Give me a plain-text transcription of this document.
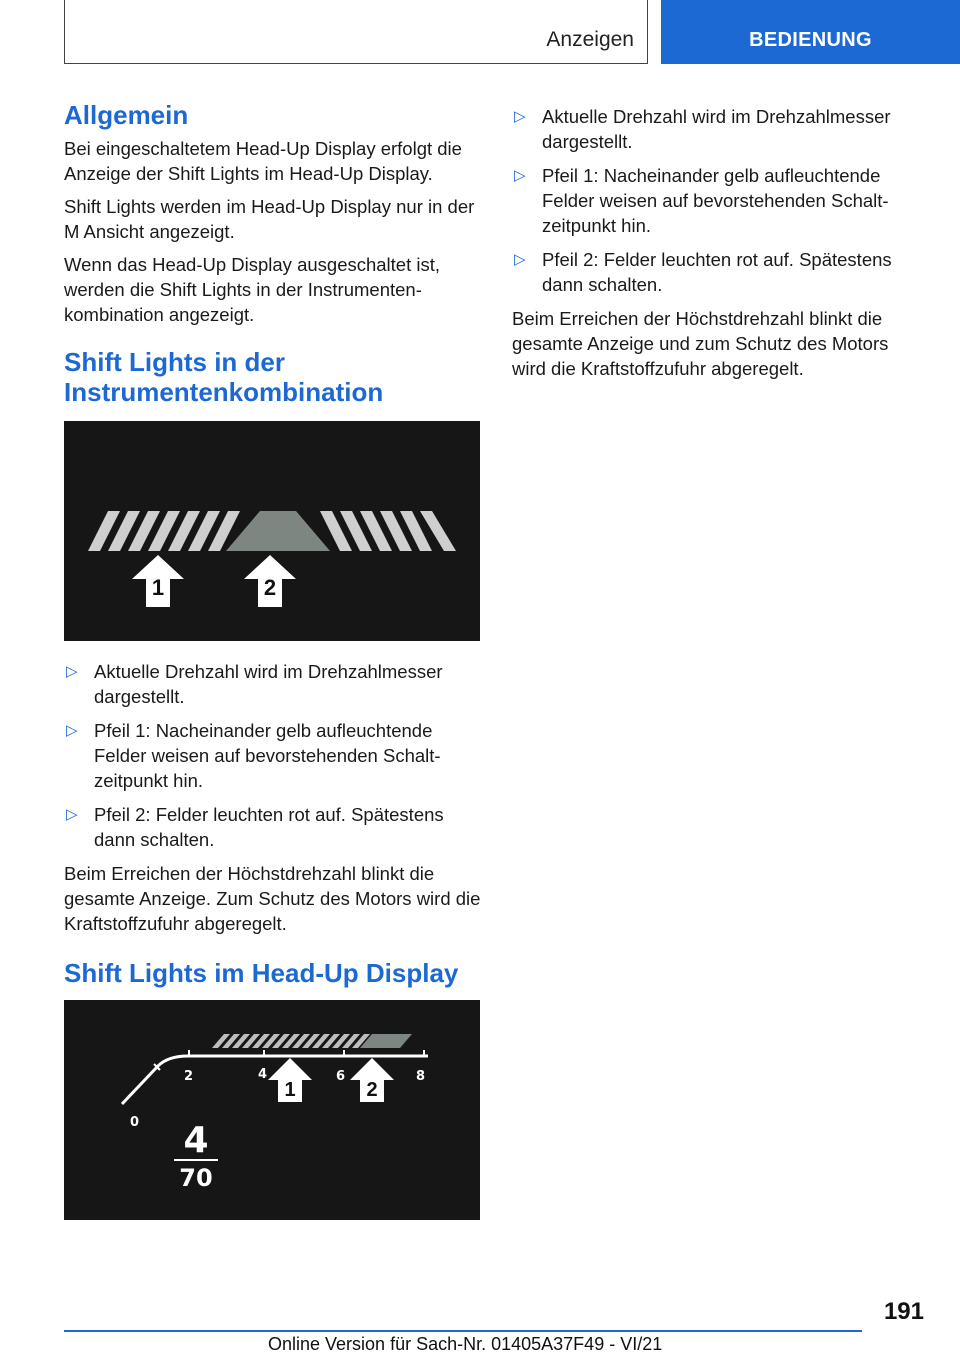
Anzeigen	BEDIENUNG
Allgemein

Bei eingeschaltetem Head-Up Display erfolgt die Anzeige der Shift Lights im Head-Up Display.

Shift Lights werden im Head-Up Display nur in der M Ansicht angezeigt.

Wenn das Head-Up Display ausgeschaltet ist, werden die Shift Lights in der Instrumenten‐kombination angezeigt.

Shift Lights in der
Instrumentenkombination
1	2
▷ Aktuelle Drehzahl wird im Drehzahlmesser dargestellt.
▷ Pfeil 1: Nacheinander gelb aufleuchtende Felder weisen auf bevorstehenden Schalt‐zeitpunkt hin.
▷ Pfeil 2: Felder leuchten rot auf. Spätestens dann schalten.

Beim Erreichen der Höchstdrehzahl blinkt die gesamte Anzeige. Zum Schutz des Motors wird die Kraftstoffzufuhr abgeregelt.

Shift Lights im Head-Up Display
0
2	4	6	8
1	2
4
70
▷ Aktuelle Drehzahl wird im Drehzahlmesser dargestellt.
▷ Pfeil 1: Nacheinander gelb aufleuchtende Felder weisen auf bevorstehenden Schalt‐zeitpunkt hin.
▷ Pfeil 2: Felder leuchten rot auf. Spätestens dann schalten.

Beim Erreichen der Höchstdrehzahl blinkt die gesamte Anzeige und zum Schutz des Motors wird die Kraftstoffzufuhr abgeregelt.

191
Online Version für Sach-Nr. 01405A37F49 - VI/21
